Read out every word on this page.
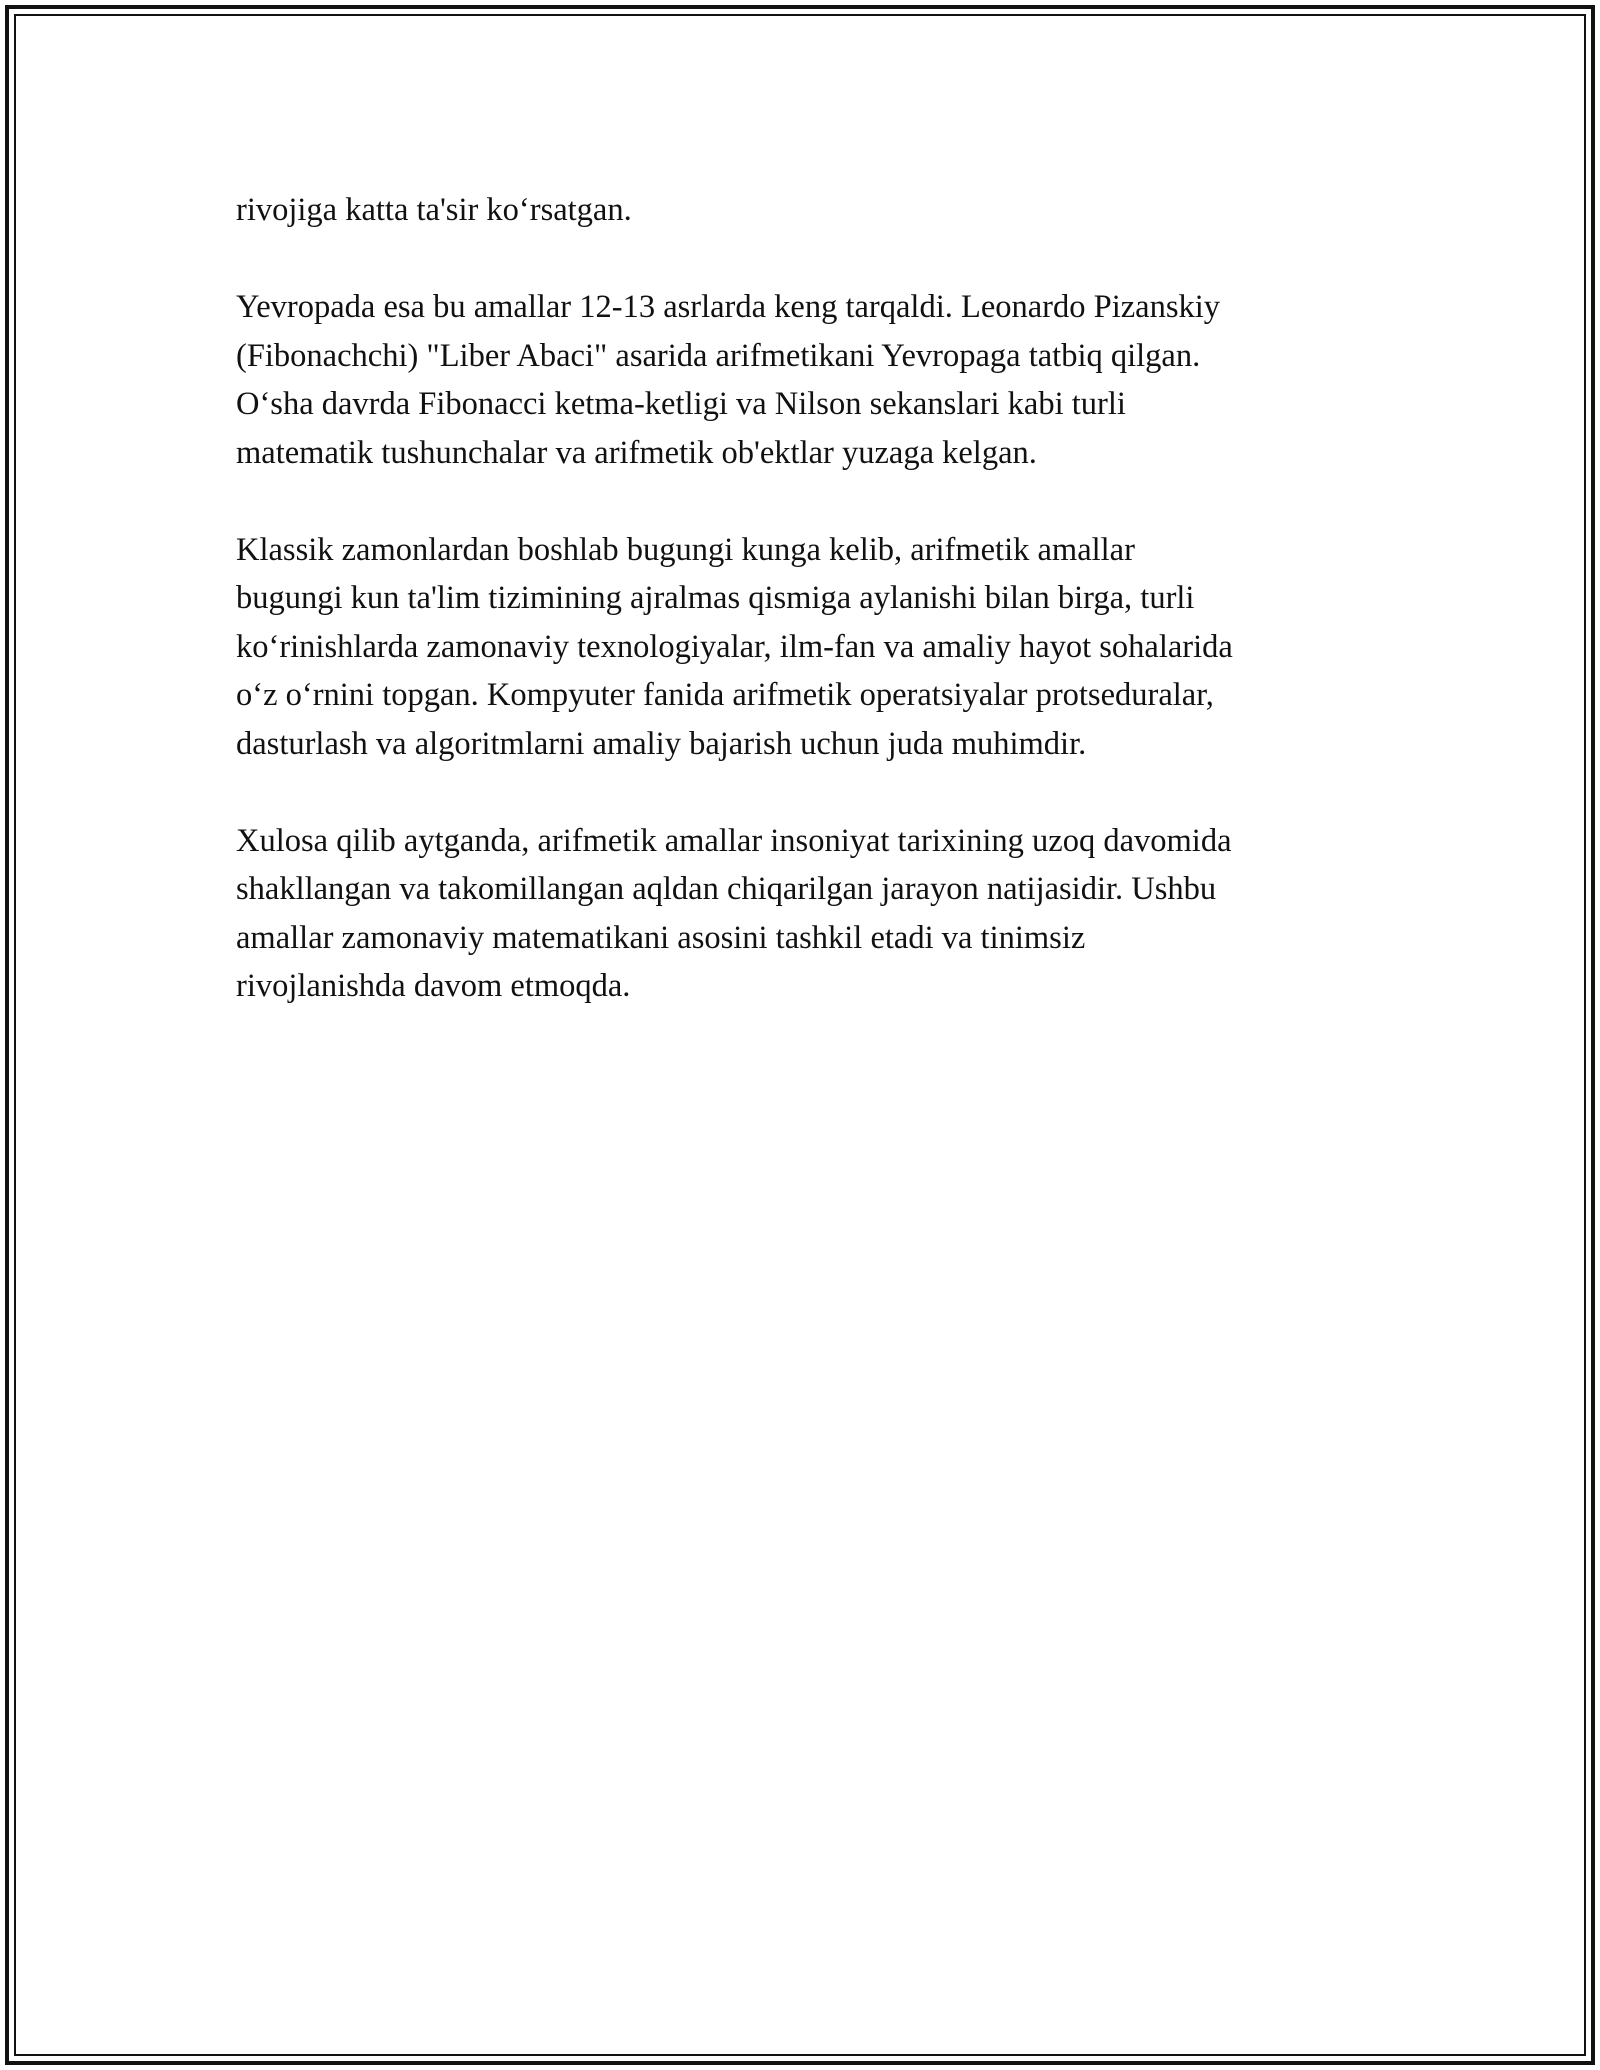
rivojiga katta ta'sir koʻrsatgan.

Yevropada esa bu amallar 12-13 asrlarda keng tarqaldi. Leonardo Pizanskiy
(Fibonachchi) "Liber Abaci" asarida arifmetikani Yevropaga tatbiq qilgan.
Oʻsha davrda Fibonacci ketma-ketligi va Nilson sekanslari kabi turli
matematik tushunchalar va arifmetik ob'ektlar yuzaga kelgan.

Klassik zamonlardan boshlab bugungi kunga kelib, arifmetik amallar
bugungi kun ta'lim tizimining ajralmas qismiga aylanishi bilan birga, turli
koʻrinishlarda zamonaviy texnologiyalar, ilm-fan va amaliy hayot sohalarida
oʻz oʻrnini topgan. Kompyuter fanida arifmetik operatsiyalar protseduralar,
dasturlash va algoritmlarni amaliy bajarish uchun juda muhimdir.

Xulosa qilib aytganda, arifmetik amallar insoniyat tarixining uzoq davomida
shakllangan va takomillangan aqldan chiqarilgan jarayon natijasidir. Ushbu
amallar zamonaviy matematikani asosini tashkil etadi va tinimsiz
rivojlanishda davom etmoqda.
